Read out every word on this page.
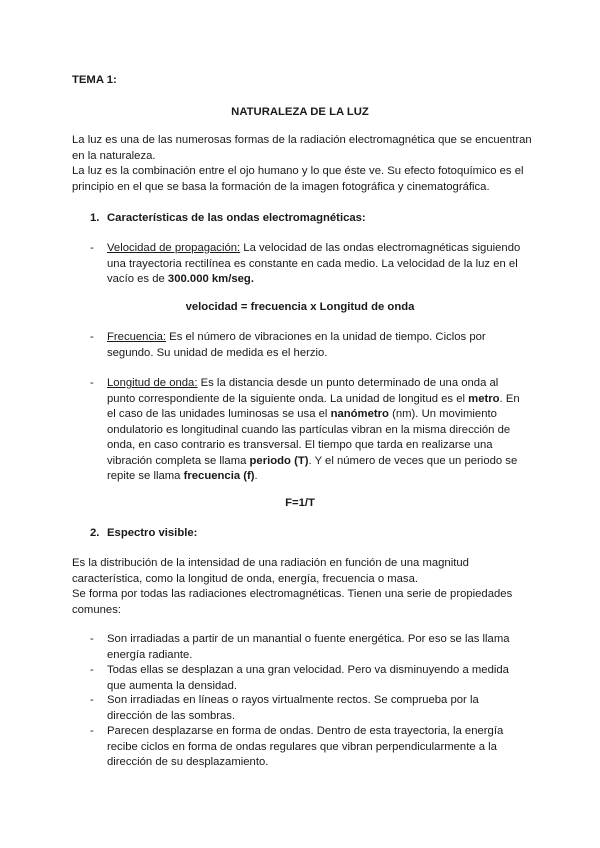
TEMA 1:
NATURALEZA DE LA LUZ

La luz es una de las numerosas formas de la radiación electromagnética que se encuentran en la naturaleza.

La luz es la combinación entre el ojo humano y lo que éste ve. Su efecto fotoquímico es el principio en el que se basa la formación de la imagen fotográfica y cinematográfica.

1. Características de las ondas electromagnéticas:
- Velocidad de propagación: La velocidad de las ondas electromagnéticas siguiendo una trayectoria rectilínea es constante en cada medio. La velocidad de la luz en el vacío es de 300.000 km/seg.

velocidad = frecuencia x Longitud de onda
- Frecuencia: Es el número de vibraciones en la unidad de tiempo. Ciclos por segundo. Su unidad de medida es el herzio.

- Longitud de onda: Es la distancia desde un punto determinado de una onda al punto correspondiente de la siguiente onda. La unidad de longitud es el metro. En el caso de las unidades luminosas se usa el nanómetro (nm). Un movimiento ondulatorio es longitudinal cuando las partículas vibran en la misma dirección de onda, en caso contrario es transversal. El tiempo que tarda en realizarse una vibración completa se llama periodo (T). Y el número de veces que un periodo se repite se llama frecuencia (f).

F=1/T
2. Espectro visible:

Es la distribución de la intensidad de una radiación en función de una magnitud característica, como la longitud de onda, energía, frecuencia o masa.

Se forma por todas las radiaciones electromagnéticas. Tienen una serie de propiedades comunes:

- Son irradiadas a partir de un manantial o fuente energética. Por eso se las llama energía radiante.

- Todas ellas se desplazan a una gran velocidad. Pero va disminuyendo a medida que aumenta la densidad.

- Son irradiadas en líneas o rayos virtualmente rectos. Se comprueba por la dirección de las sombras.

- Parecen desplazarse en forma de ondas. Dentro de esta trayectoria, la energía recibe ciclos en forma de ondas regulares que vibran perpendicularmente a la dirección de su desplazamiento.
